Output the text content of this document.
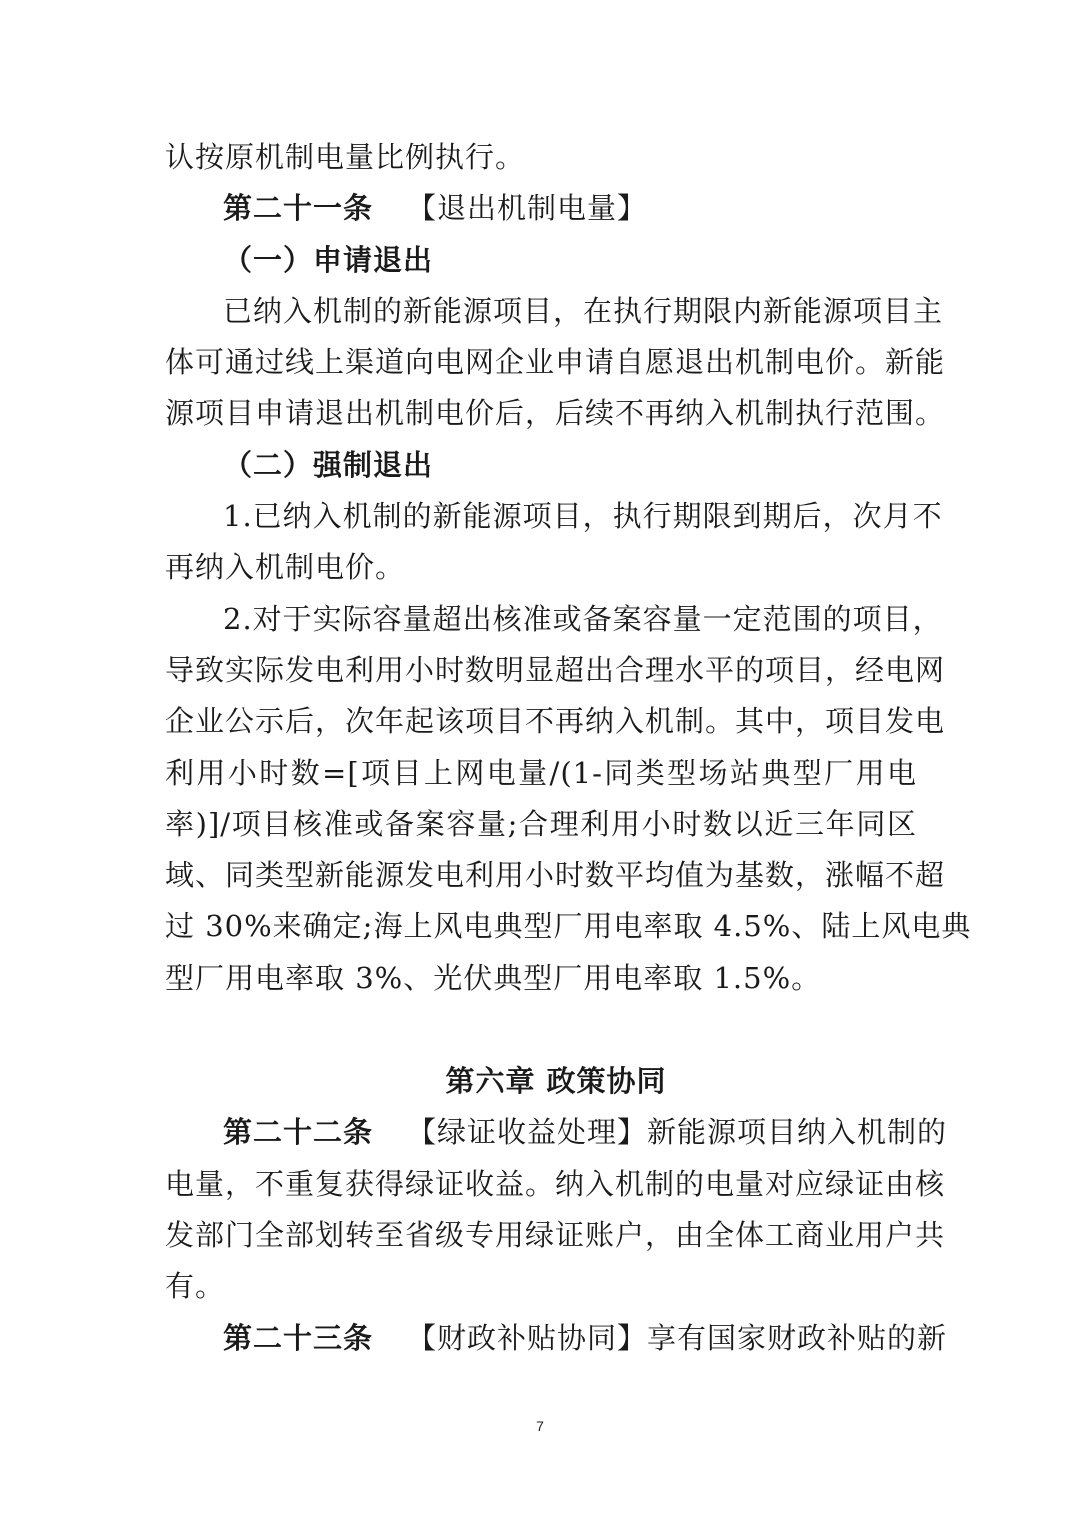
认按原机制电量比例执行。
第二十一条 【退出机制电量】
（一）申请退出
已纳入机制的新能源项目，在执行期限内新能源项目主
体可通过线上渠道向电网企业申请自愿退出机制电价。新能
源项目申请退出机制电价后，后续不再纳入机制执行范围。
（二）强制退出
1.已纳入机制的新能源项目，执行期限到期后，次月不
再纳入机制电价。
2.对于实际容量超出核准或备案容量一定范围的项目，
导致实际发电利用小时数明显超出合理水平的项目，经电网
企业公示后，次年起该项目不再纳入机制。其中，项目发电
利用小时数=[项目上网电量/(1-同类型场站典型厂用电
率)]/项目核准或备案容量;合理利用小时数以近三年同区
域、同类型新能源发电利用小时数平均值为基数，涨幅不超
过 30%来确定;海上风电典型厂用电率取 4.5%、陆上风电典
型厂用电率取 3%、光伏典型厂用电率取 1.5%。
第六章 政策协同
第二十二条 【绿证收益处理】新能源项目纳入机制的
电量，不重复获得绿证收益。纳入机制的电量对应绿证由核
发部门全部划转至省级专用绿证账户，由全体工商业用户共
有。
第二十三条 【财政补贴协同】享有国家财政补贴的新
7
